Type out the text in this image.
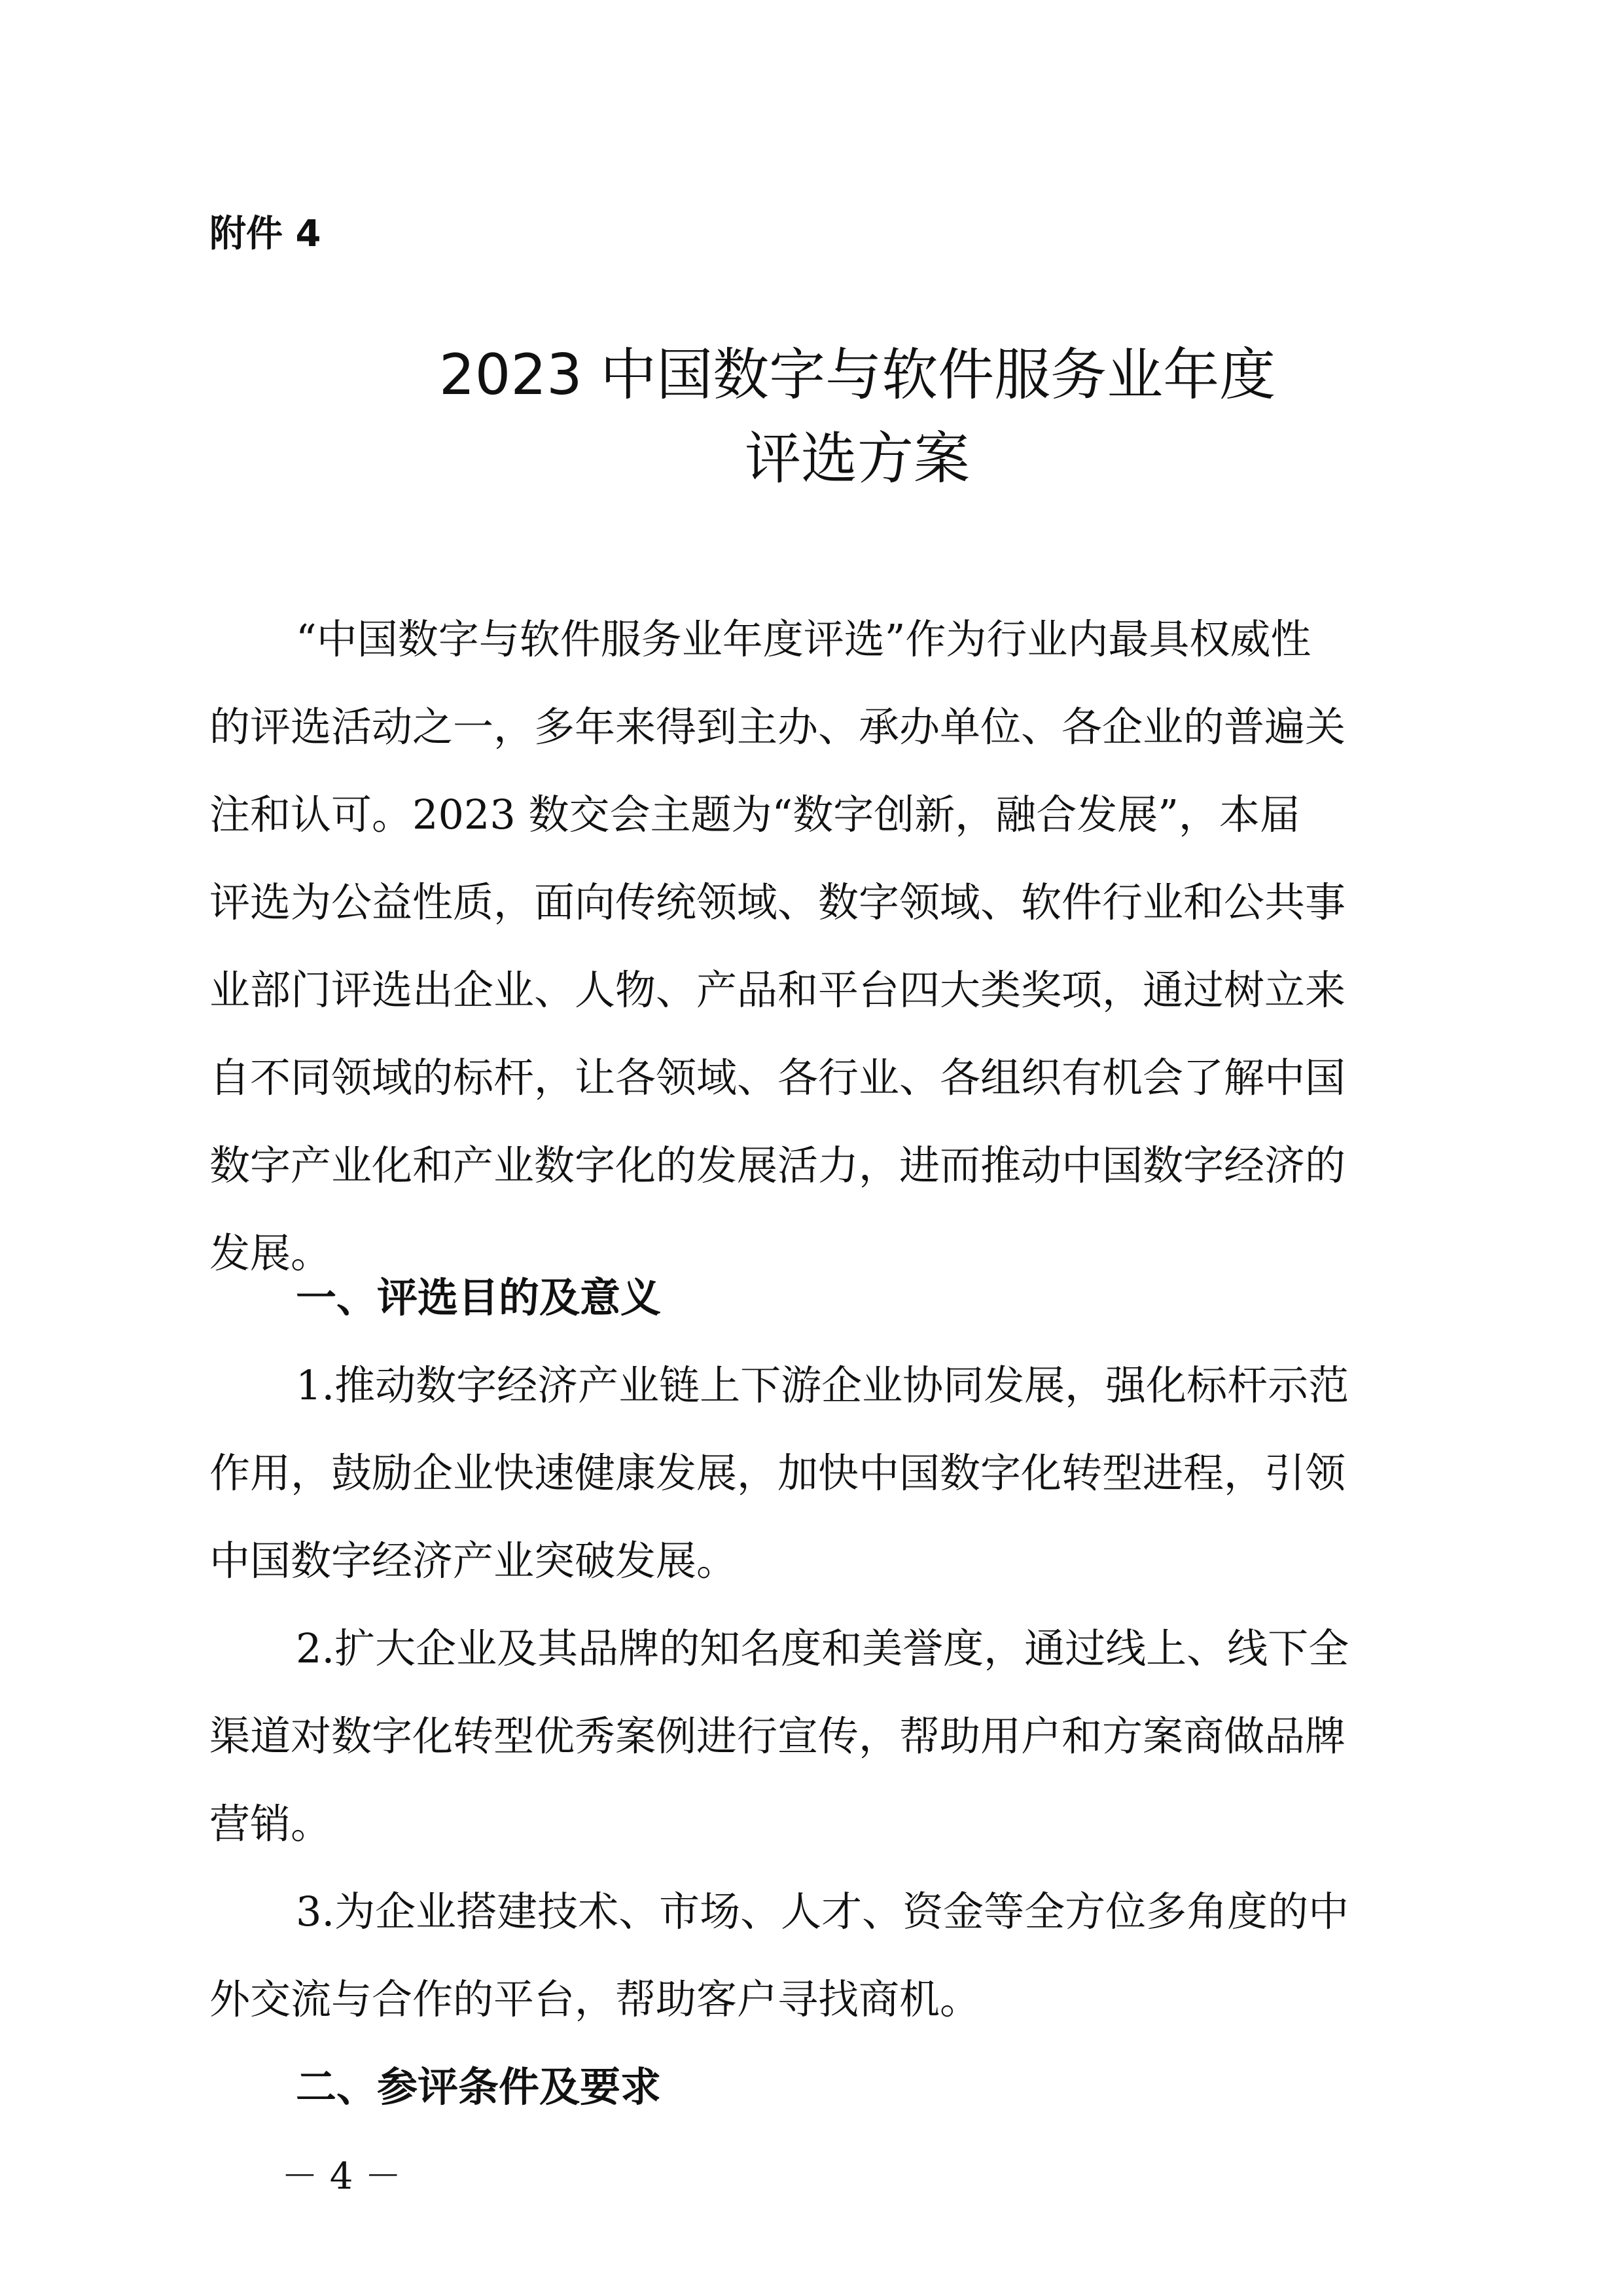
附件 4
2023 中国数字与软件服务业年度
评选方案
“中国数字与软件服务业年度评选”作为行业内最具权威性
的评选活动之一，多年来得到主办、承办单位、各企业的普遍关
注和认可。2023 数交会主题为“数字创新，融合发展”，本届
评选为公益性质，面向传统领域、数字领域、软件行业和公共事
业部门评选出企业、人物、产品和平台四大类奖项，通过树立来
自不同领域的标杆，让各领域、各行业、各组织有机会了解中国
数字产业化和产业数字化的发展活力，进而推动中国数字经济的
发展。
一、评选目的及意义
1.推动数字经济产业链上下游企业协同发展，强化标杆示范
作用，鼓励企业快速健康发展，加快中国数字化转型进程，引领
中国数字经济产业突破发展。
2.扩大企业及其品牌的知名度和美誉度，通过线上、线下全
渠道对数字化转型优秀案例进行宣传，帮助用户和方案商做品牌
营销。
3.为企业搭建技术、市场、人才、资金等全方位多角度的中
外交流与合作的平台，帮助客户寻找商机。
二、参评条件及要求
－ 4 －
